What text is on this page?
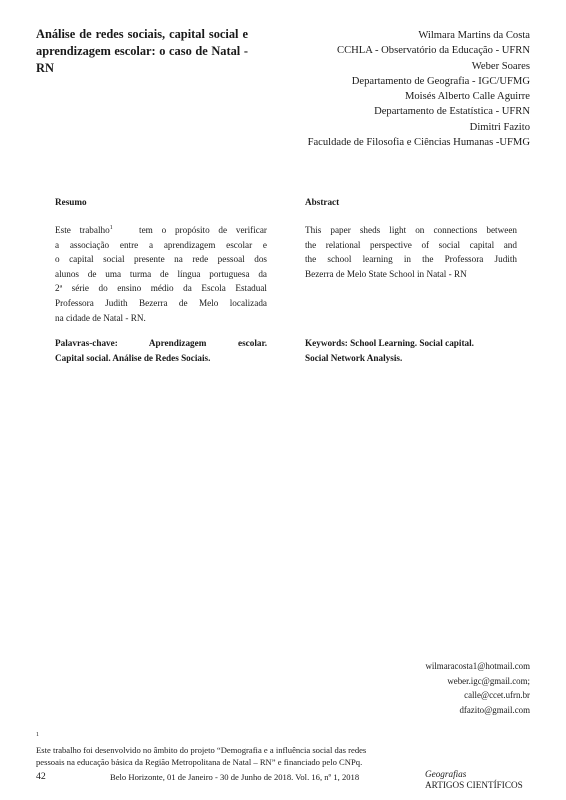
Análise de redes sociais, capital social e aprendizagem escolar: o caso de Natal - RN
Wilmara Martins da Costa
CCHLA - Observatório da Educação - UFRN
Weber Soares
Departamento de Geografia - IGC/UFMG
Moisés Alberto Calle Aguirre
Departamento de Estatística - UFRN
Dimitri Fazito
Faculdade de Filosofia e Ciências Humanas -UFMG
Resumo
Este trabalho$^1$	tem o propósito de verificar
a associação entre a aprendizagem escolar e
o capital social presente na rede pessoal dos
alunos de uma turma de língua portuguesa da
2ª série do ensino médio da Escola Estadual
Professora Judith Bezerra de Melo localizada
na cidade de Natal - RN.
Palavras-chave: Aprendizagem escolar.
Capital social. Análise de Redes Sociais.
Abstract
This paper sheds light on connections between
the relational perspective of social capital and
the school learning in the Professora Judith
Bezerra de Melo State School in Natal - RN
Keywords: School Learning. Social capital.
Social Network Analysis.
wilmaracosta1@hotmail.com
weber.igc@gmail.com;
calle@ccet.ufrn.br
dfazito@gmail.com
$^1$
Este trabalho foi desenvolvido no âmbito do projeto “Demografia e a influência social das redes
pessoais na educação básica da Região Metropolitana de Natal – RN” e financiado pelo CNPq.
42	Belo Horizonte, 01 de Janeiro - 30 de Junho de 2018. Vol. 16, nº 1, 2018	Geografias
ARTIGOS CIENTÍFICOS
